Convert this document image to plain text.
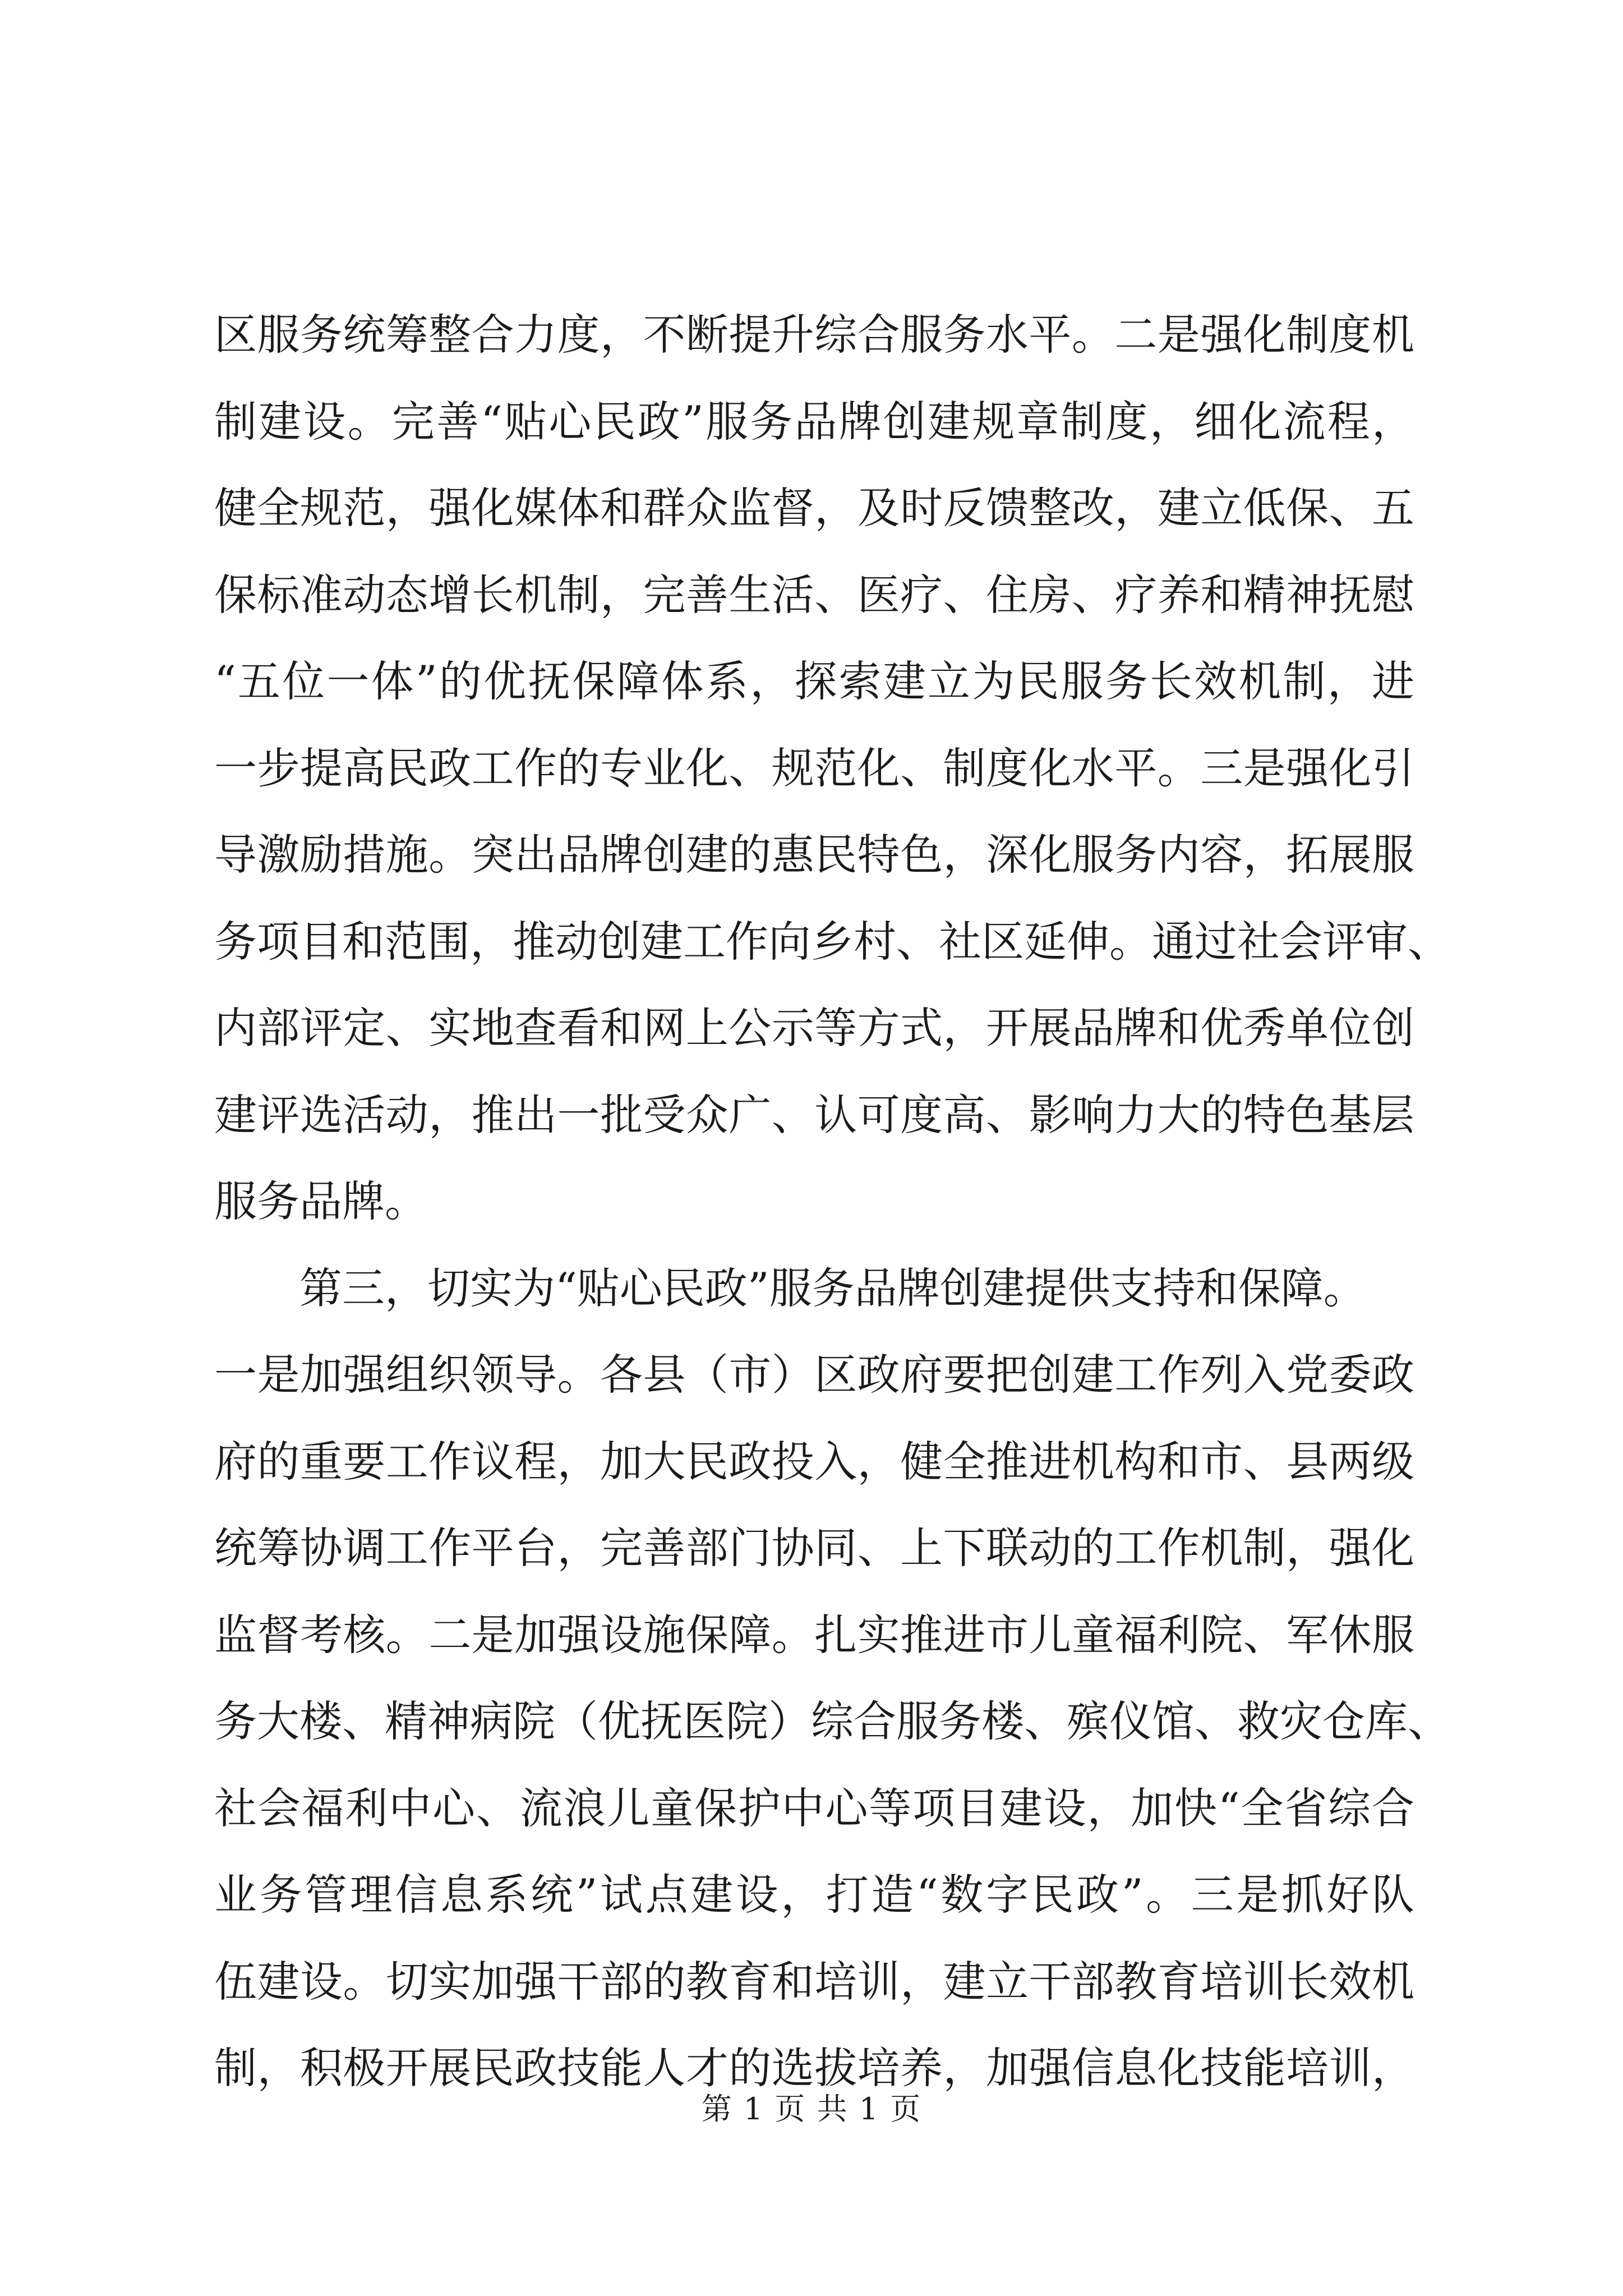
区服务统筹整合力度，不断提升综合服务水平。二是强化制度机
制建设。完善“贴心民政”服务品牌创建规章制度，细化流程，
健全规范，强化媒体和群众监督，及时反馈整改，建立低保、五
保标准动态增长机制，完善生活、医疗、住房、疗养和精神抚慰
“五位一体”的优抚保障体系，探索建立为民服务长效机制，进
一步提高民政工作的专业化、规范化、制度化水平。三是强化引
导激励措施。突出品牌创建的惠民特色，深化服务内容，拓展服
务项目和范围，推动创建工作向乡村、社区延伸。通过社会评审、
内部评定、实地查看和网上公示等方式，开展品牌和优秀单位创
建评选活动，推出一批受众广、认可度高、影响力大的特色基层
服务品牌。
第三，切实为“贴心民政”服务品牌创建提供支持和保障。
一是加强组织领导。各县（市）区政府要把创建工作列入党委政
府的重要工作议程，加大民政投入，健全推进机构和市、县两级
统筹协调工作平台，完善部门协同、上下联动的工作机制，强化
监督考核。二是加强设施保障。扎实推进市儿童福利院、军休服
务大楼、精神病院（优抚医院）综合服务楼、殡仪馆、救灾仓库、
社会福利中心、流浪儿童保护中心等项目建设，加快“全省综合
业务管理信息系统”试点建设，打造“数字民政”。三是抓好队
伍建设。切实加强干部的教育和培训，建立干部教育培训长效机
制，积极开展民政技能人才的选拔培养，加强信息化技能培训，
第 1 页 共 1 页
